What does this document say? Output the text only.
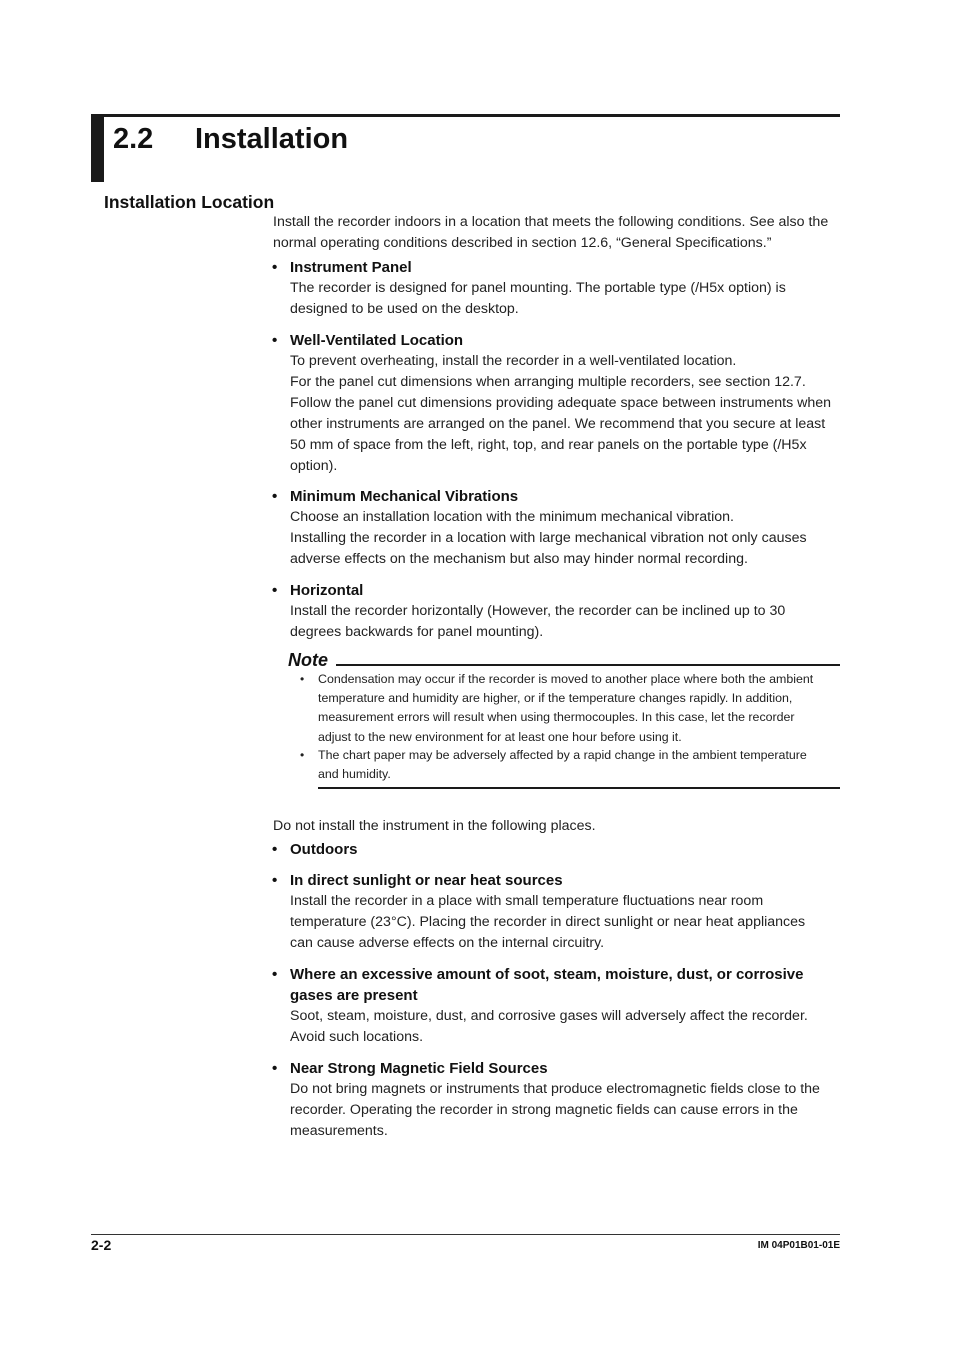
2.2 Installation
Installation Location

Install the recorder indoors in a location that meets the following conditions. See also the

normal operating conditions described in section 12.6, “General Specifications.”

• Instrument Panel

The recorder is designed for panel mounting. The portable type (/H5x option) is

designed to be used on the desktop.

• Well-Ventilated Location

To prevent overheating, install the recorder in a well-ventilated location.

For the panel cut dimensions when arranging multiple recorders, see section 12.7.

Follow the panel cut dimensions providing adequate space between instruments when

other instruments are arranged on the panel. We recommend that you secure at least

50 mm of space from the left, right, top, and rear panels on the portable type (/H5x

option).

• Minimum Mechanical Vibrations

Choose an installation location with the minimum mechanical vibration.

Installing the recorder in a location with large mechanical vibration not only causes

adverse effects on the mechanism but also may hinder normal recording.

• Horizontal

Install the recorder horizontally (However, the recorder can be inclined up to 30

degrees backwards for panel mounting).

Note
• Condensation may occur if the recorder is moved to another place where both the ambient

temperature and humidity are higher, or if the temperature changes rapidly. In addition,

measurement errors will result when using thermocouples. In this case, let the recorder

adjust to the new environment for at least one hour before using it.

• The chart paper may be adversely affected by a rapid change in the ambient temperature

and humidity.

Do not install the instrument in the following places.

• Outdoors

• In direct sunlight or near heat sources

Install the recorder in a place with small temperature fluctuations near room

temperature (23°C). Placing the recorder in direct sunlight or near heat appliances

can cause adverse effects on the internal circuitry.

• Where an excessive amount of soot, steam, moisture, dust, or corrosive

gases are present

Soot, steam, moisture, dust, and corrosive gases will adversely affect the recorder.

Avoid such locations.

• Near Strong Magnetic Field Sources

Do not bring magnets or instruments that produce electromagnetic fields close to the

recorder. Operating the recorder in strong magnetic fields can cause errors in the

measurements.

2-2	IM 04P01B01-01E
